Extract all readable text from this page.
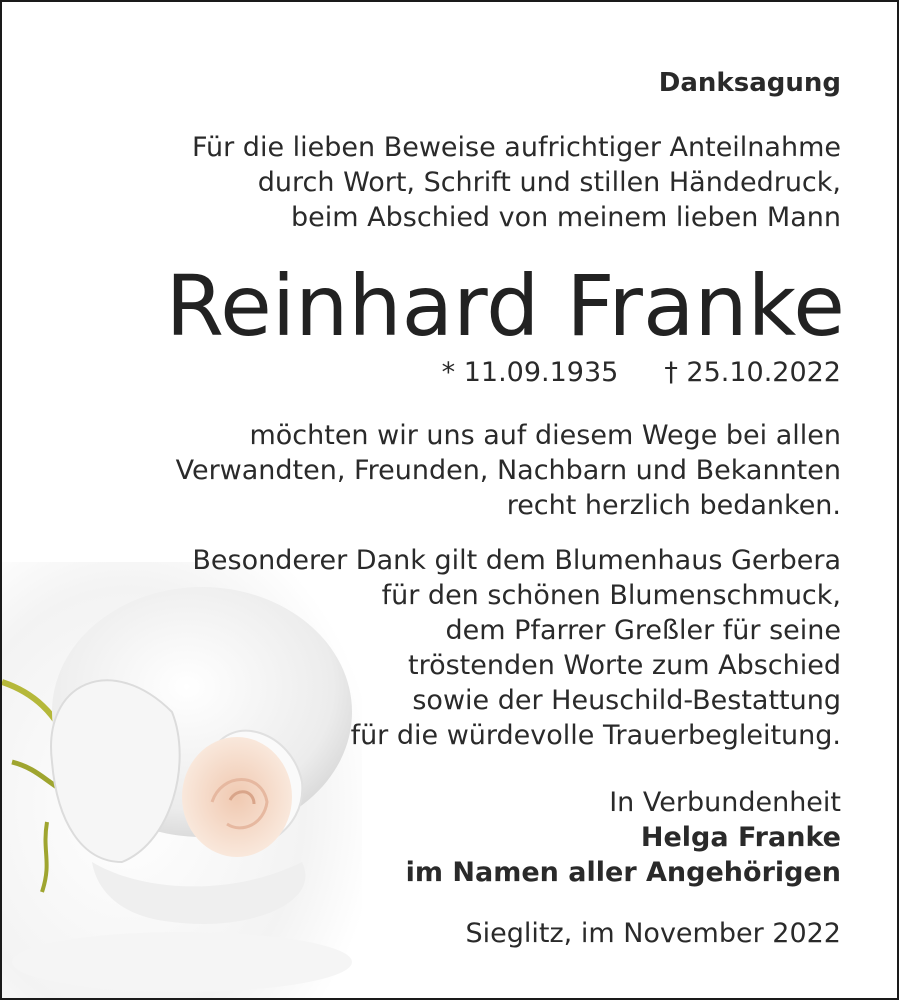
Danksagung
Für die lieben Beweise aufrichtiger Anteilnahme
durch Wort, Schrift und stillen Händedruck,
beim Abschied von meinem lieben Mann
Reinhard Franke
* 11.09.1935 † 25.10.2022
möchten wir uns auf diesem Wege bei allen
Verwandten, Freunden, Nachbarn und Bekannten
recht herzlich bedanken.
Besonderer Dank gilt dem Blumenhaus Gerbera
für den schönen Blumenschmuck,
dem Pfarrer Greßler für seine
tröstenden Worte zum Abschied
sowie der Heuschild-Bestattung
für die würdevolle Trauerbegleitung.
In Verbundenheit
Helga Franke
im Namen aller Angehörigen
Sieglitz, im November 2022
